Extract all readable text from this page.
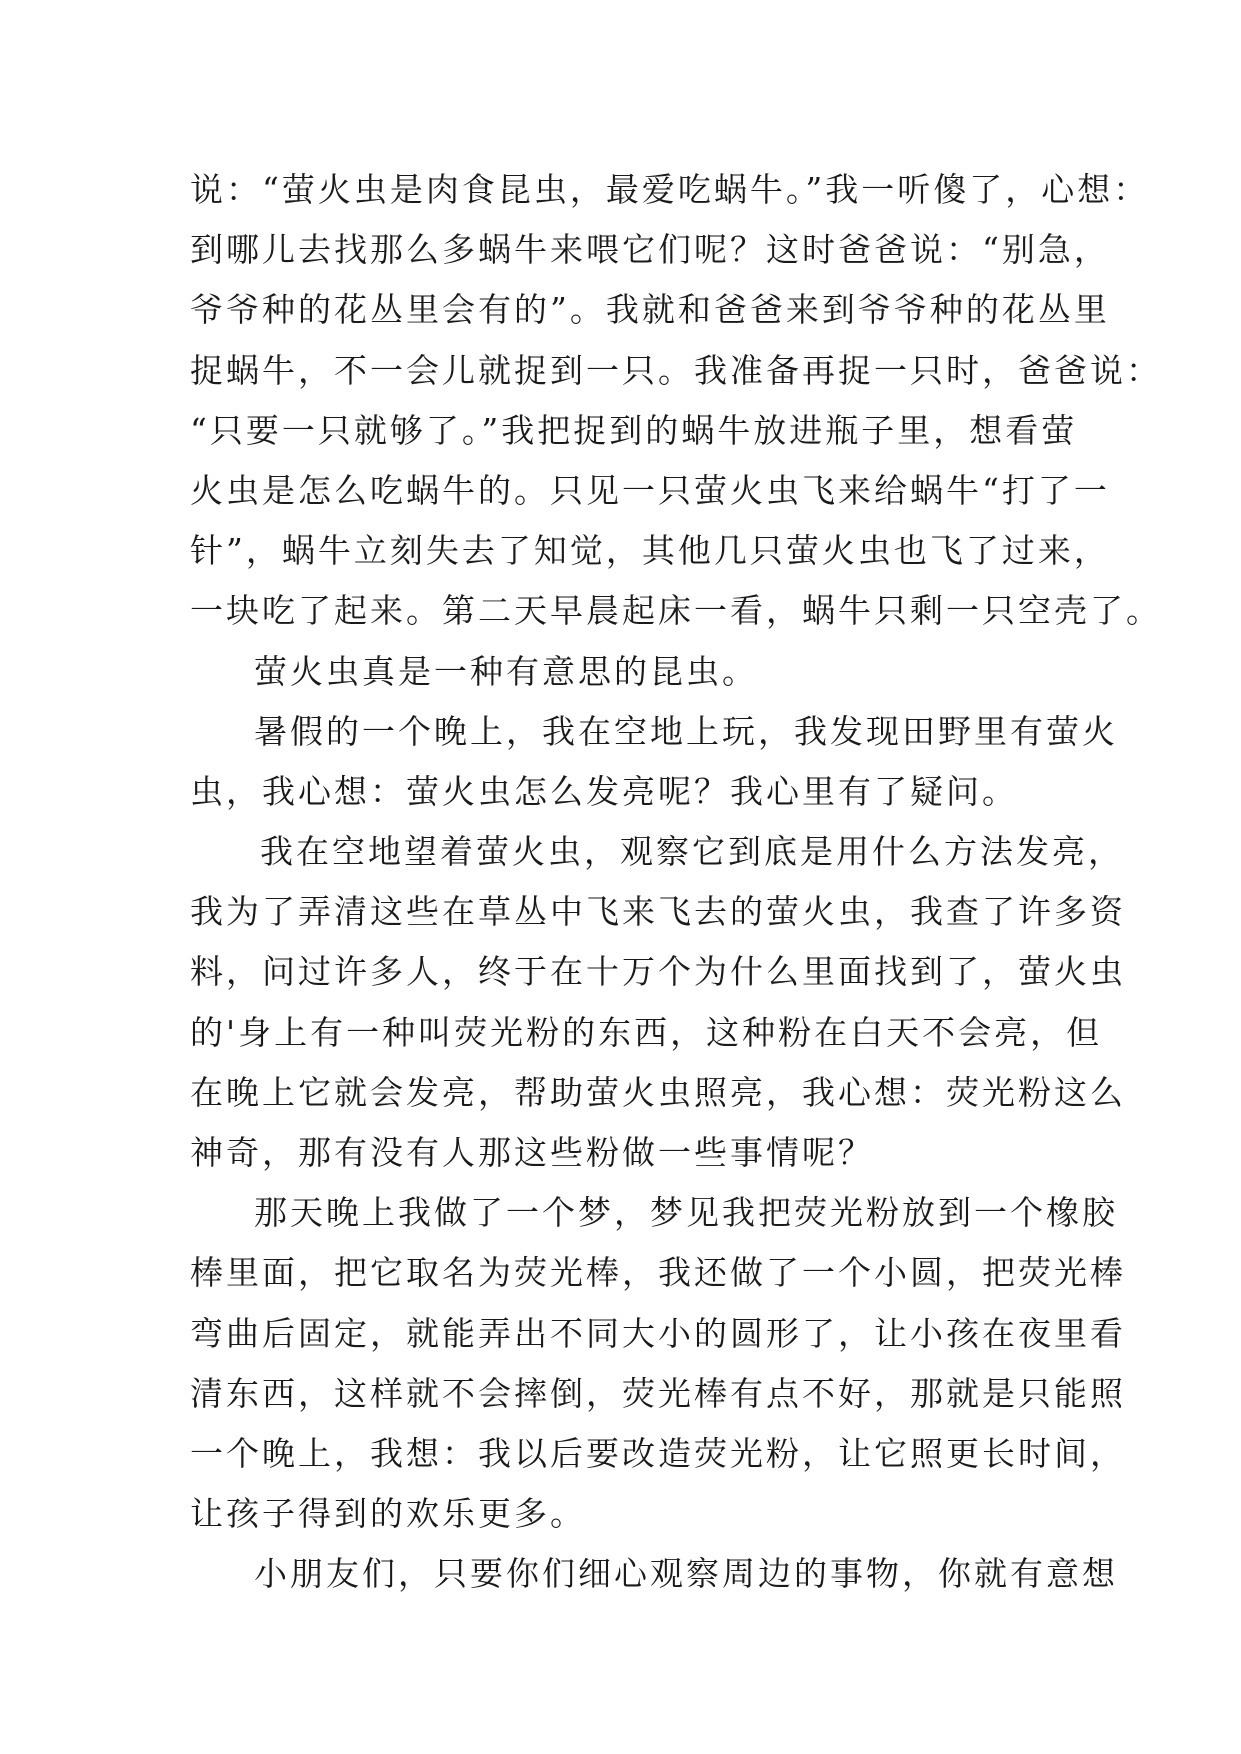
说：“萤火虫是肉食昆虫，最爱吃蜗牛。”我一听傻了，心想：
到哪儿去找那么多蜗牛来喂它们呢？这时爸爸说：“别急，
爷爷种的花丛里会有的”。我就和爸爸来到爷爷种的花丛里
捉蜗牛，不一会儿就捉到一只。我准备再捉一只时，爸爸说：
“只要一只就够了。”我把捉到的蜗牛放进瓶子里，想看萤
火虫是怎么吃蜗牛的。只见一只萤火虫飞来给蜗牛“打了一
针”，蜗牛立刻失去了知觉，其他几只萤火虫也飞了过来，
一块吃了起来。第二天早晨起床一看，蜗牛只剩一只空壳了。
萤火虫真是一种有意思的昆虫。
暑假的一个晚上，我在空地上玩，我发现田野里有萤火
虫，我心想：萤火虫怎么发亮呢？我心里有了疑问。
我在空地望着萤火虫，观察它到底是用什么方法发亮，
我为了弄清这些在草丛中飞来飞去的萤火虫，我查了许多资
料，问过许多人，终于在十万个为什么里面找到了，萤火虫
的'身上有一种叫荧光粉的东西，这种粉在白天不会亮，但
在晚上它就会发亮，帮助萤火虫照亮，我心想：荧光粉这么
神奇，那有没有人那这些粉做一些事情呢？
那天晚上我做了一个梦，梦见我把荧光粉放到一个橡胶
棒里面，把它取名为荧光棒，我还做了一个小圆，把荧光棒
弯曲后固定，就能弄出不同大小的圆形了，让小孩在夜里看
清东西，这样就不会摔倒，荧光棒有点不好，那就是只能照
一个晚上，我想：我以后要改造荧光粉，让它照更长时间，
让孩子得到的欢乐更多。
小朋友们，只要你们细心观察周边的事物，你就有意想
